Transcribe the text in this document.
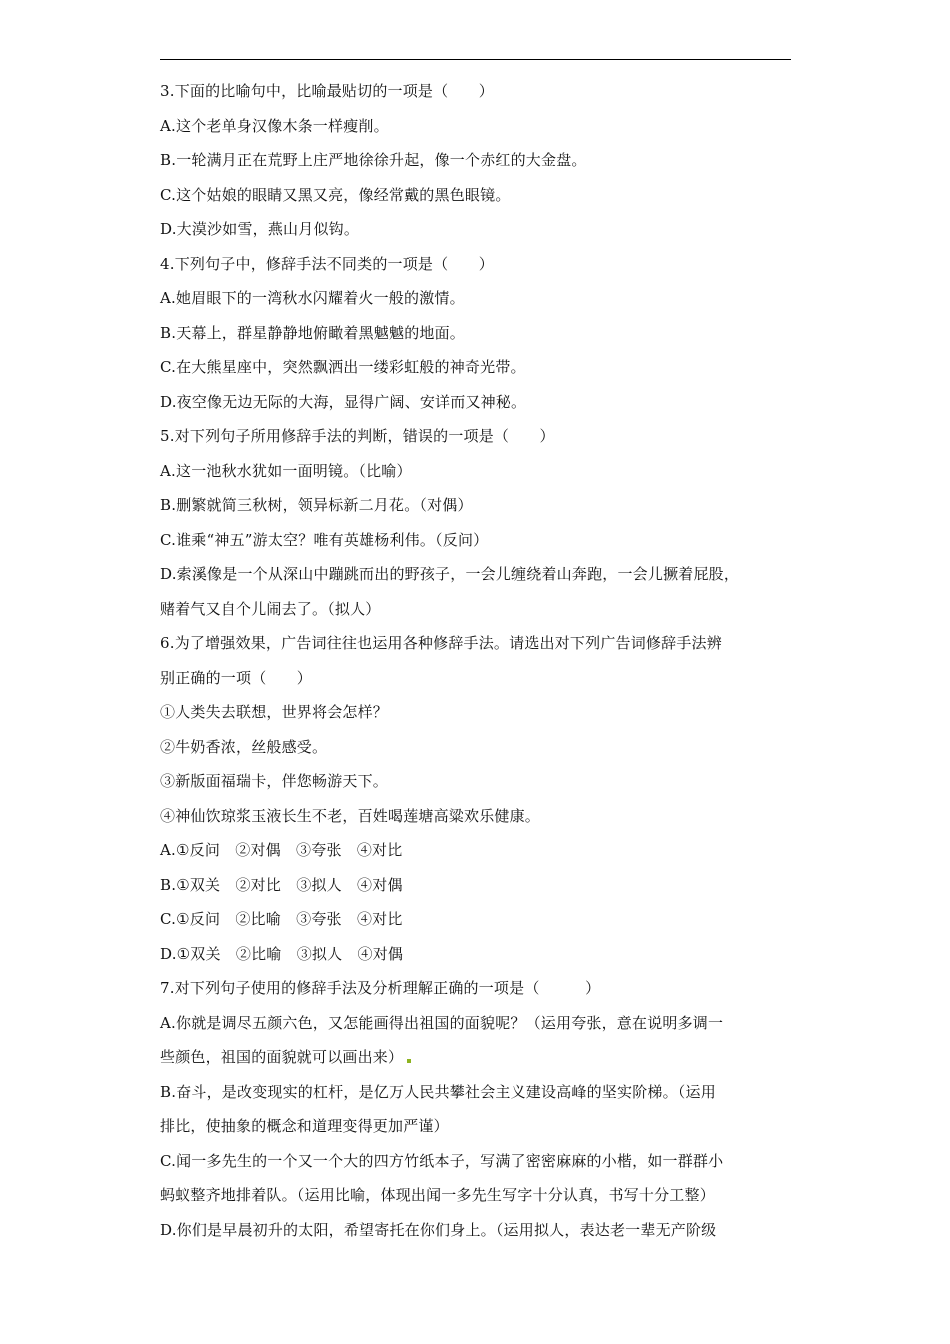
3.下面的比喻句中，比喻最贴切的一项是（　　）
A.这个老单身汉像木条一样瘦削。
B.一轮满月正在荒野上庄严地徐徐升起，像一个赤红的大金盘。
C.这个姑娘的眼睛又黑又亮，像经常戴的黑色眼镜。
D.大漠沙如雪，燕山月似钩。
4.下列句子中，修辞手法不同类的一项是（　　）
A.她眉眼下的一湾秋水闪耀着火一般的激情。
B.天幕上，群星静静地俯瞰着黑魆魆的地面。
C.在大熊星座中，突然飘洒出一缕彩虹般的神奇光带。
D.夜空像无边无际的大海，显得广阔、安详而又神秘。
5.对下列句子所用修辞手法的判断，错误的一项是（　　）
A.这一池秋水犹如一面明镜。（比喻）
B.删繁就简三秋树，领异标新二月花。（对偶）
C.谁乘“神五”游太空？唯有英雄杨利伟。（反问）
D.索溪像是一个从深山中蹦跳而出的野孩子，一会儿缠绕着山奔跑，一会儿撅着屁股，
赌着气又自个儿闹去了。（拟人）
6.为了增强效果，广告词往往也运用各种修辞手法。请选出对下列广告词修辞手法辨
别正确的一项（　　）
①人类失去联想，世界将会怎样？
②牛奶香浓，丝般感受。
③新版面福瑞卡，伴您畅游天下。
④神仙饮琼浆玉液长生不老，百姓喝莲塘高粱欢乐健康。
A.①反问　②对偶　③夸张　④对比
B.①双关　②对比　③拟人　④对偶
C.①反问　②比喻　③夸张　④对比
D.①双关　②比喻　③拟人　④对偶
7.对下列句子使用的修辞手法及分析理解正确的一项是（　　　）
A.你就是调尽五颜六色，又怎能画得出祖国的面貌呢？（运用夸张，意在说明多调一
些颜色，祖国的面貌就可以画出来）
B.奋斗，是改变现实的杠杆，是亿万人民共攀社会主义建设高峰的坚实阶梯。（运用
排比，使抽象的概念和道理变得更加严谨）
C.闻一多先生的一个又一个大的四方竹纸本子，写满了密密麻麻的小楷，如一群群小
蚂蚁整齐地排着队。（运用比喻，体现出闻一多先生写字十分认真，书写十分工整）
D.你们是早晨初升的太阳，希望寄托在你们身上。（运用拟人，表达老一辈无产阶级
